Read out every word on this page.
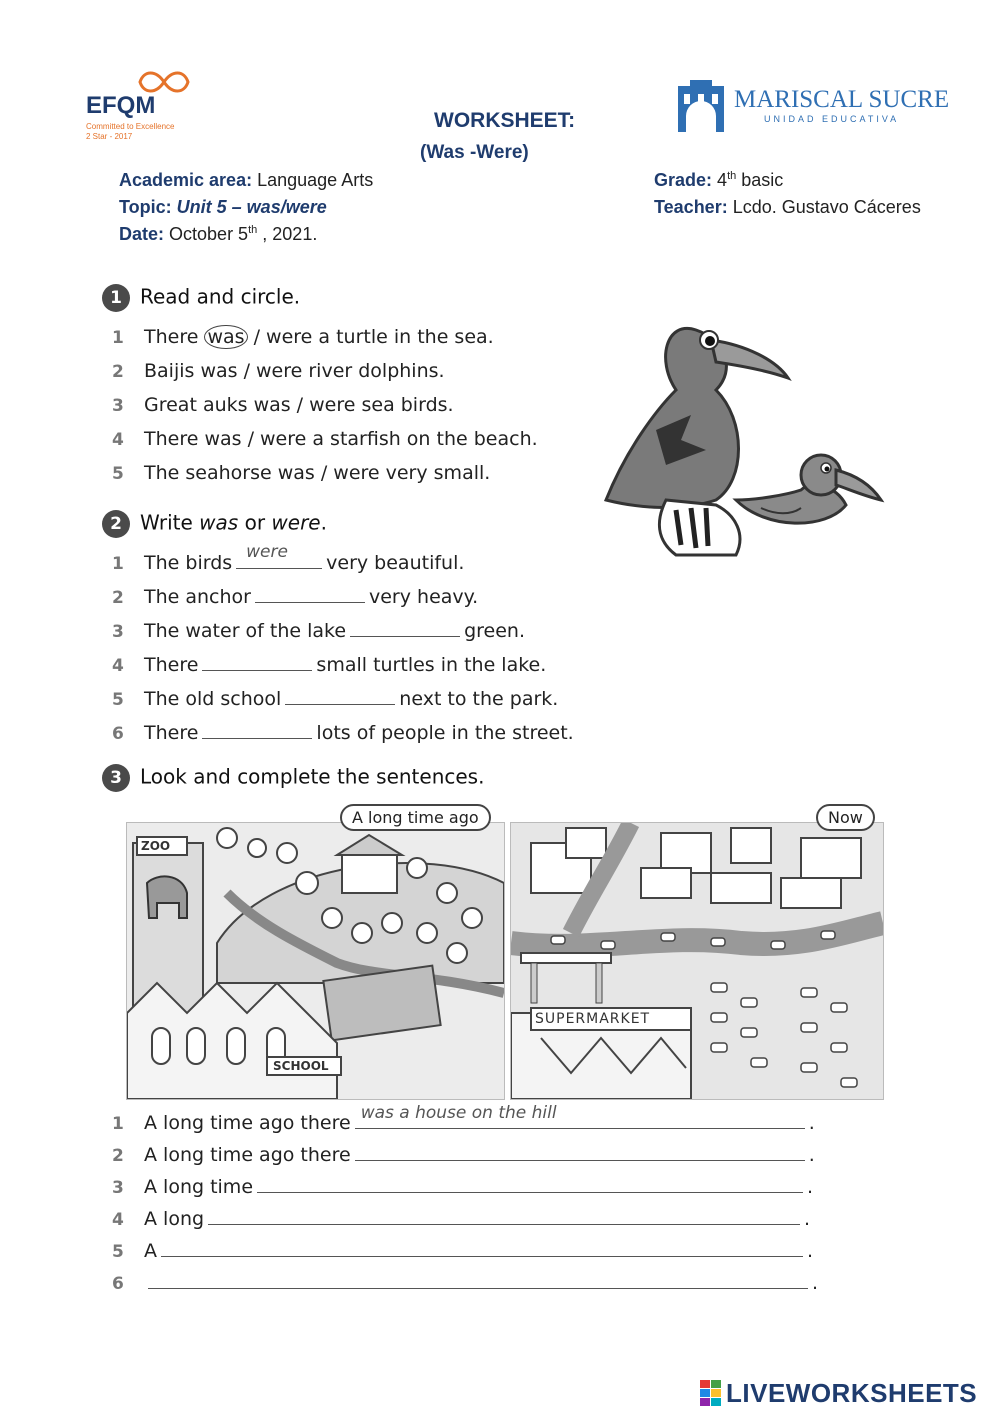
EFQM
Committed to Excellence
2 Star - 2017
MARISCAL SUCRE
UNIDAD EDUCATIVA
WORKSHEET:
(Was -Were)
Academic area: Language Arts
Topic: Unit 5 – was/were
Date: October 5th , 2021.
Grade: 4th basic
Teacher: Lcdo. Gustavo Cáceres
1 Read and circle.
1 There was / were a turtle in the sea.
2 Baijis was / were river dolphins.
3 Great auks was / were sea birds.
4 There was / were a starfish on the beach.
5 The seahorse was / were very small.
2 Write was or were.
1 The birds were very beautiful.
2 The anchor	very heavy.
3 The water of the lake	green.
4 There	small turtles in the lake.
5 The old school	next to the park.
6 There	lots of people in the street.
3 Look and complete the sentences.
ZOO
SCHOOL
A long time ago
SUPERMARKET
Now
1 A long time ago there was a house on the hill	.
2 A long time ago there	.
3 A long time	.
4 A long	.
5 A	.
6	.
LIVEWORKSHEETS
